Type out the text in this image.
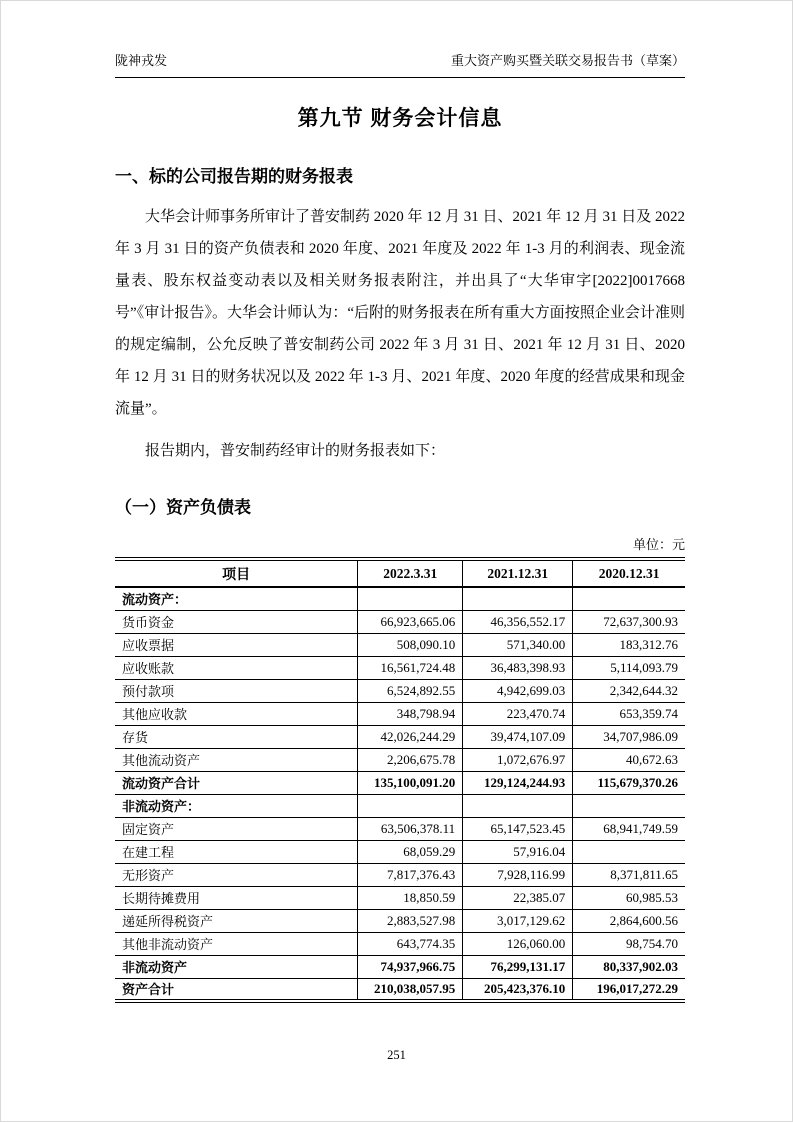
陇神戎发	重大资产购买暨关联交易报告书（草案）
第九节 财务会计信息
一、标的公司报告期的财务报表

大华会计师事务所审计了普安制药 2020 年 12 月 31 日、2021 年 12 月 31 日及 2022 年 3 月 31 日的资产负债表和 2020 年度、2021 年度及 2022 年 1-3 月的利润表、现金流量表、股东权益变动表以及相关财务报表附注，并出具了“大华审字[2022]0017668 号”《审计报告》。大华会计师认为：“后附的财务报表在所有重大方面按照企业会计准则的规定编制，公允反映了普安制药公司 2022 年 3 月 31 日、2021 年 12 月 31 日、2020 年 12 月 31 日的财务状况以及 2022 年 1-3 月、2021 年度、2020 年度的经营成果和现金流量”。

报告期内，普安制药经审计的财务报表如下：

（一）资产负债表
单位：元
项目	2022.3.31	2021.12.31	2020.12.31
流动资产：			
货币资金	66,923,665.06	46,356,552.17	72,637,300.93
应收票据	508,090.10	571,340.00	183,312.76
应收账款	16,561,724.48	36,483,398.93	5,114,093.79
预付款项	6,524,892.55	4,942,699.03	2,342,644.32
其他应收款	348,798.94	223,470.74	653,359.74
存货	42,026,244.29	39,474,107.09	34,707,986.09
其他流动资产	2,206,675.78	1,072,676.97	40,672.63
流动资产合计	135,100,091.20	129,124,244.93	115,679,370.26
非流动资产：			
固定资产	63,506,378.11	65,147,523.45	68,941,749.59
在建工程	68,059.29	57,916.04	
无形资产	7,817,376.43	7,928,116.99	8,371,811.65
长期待摊费用	18,850.59	22,385.07	60,985.53
递延所得税资产	2,883,527.98	3,017,129.62	2,864,600.56
其他非流动资产	643,774.35	126,060.00	98,754.70
非流动资产	74,937,966.75	76,299,131.17	80,337,902.03
资产合计	210,038,057.95	205,423,376.10	196,017,272.29
251
